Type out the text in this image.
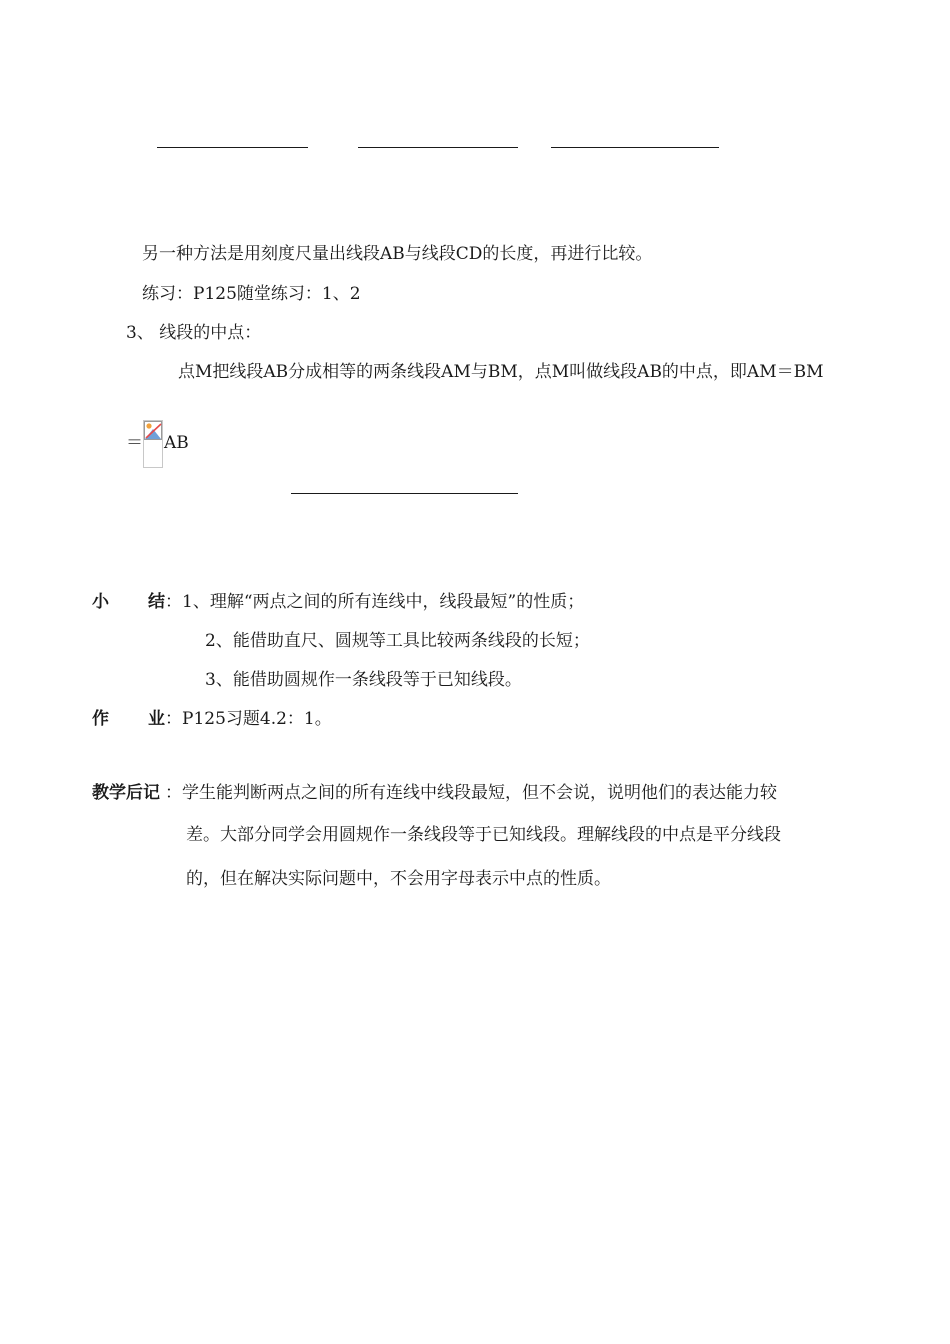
另一种方法是用刻度尺量出线段AB与线段CD的长度，再进行比较。
练习：P125随堂练习：1、2
3、 线段的中点：
点M把线段AB分成相等的两条线段AM与BM，点M叫做线段AB的中点，即AM＝BM
＝ AB
小 结 ：1、理解“两点之间的所有连线中，线段最短”的性质；
2、能借助直尺、圆规等工具比较两条线段的长短；
3、能借助圆规作一条线段等于已知线段。
作 业 ：P125习题4.2：1。
教学后记 ：学生能判断两点之间的所有连线中线段最短，但不会说，说明他们的表达能力较
差。大部分同学会用圆规作一条线段等于已知线段。理解线段的中点是平分线段
的，但在解决实际问题中，不会用字母表示中点的性质。
